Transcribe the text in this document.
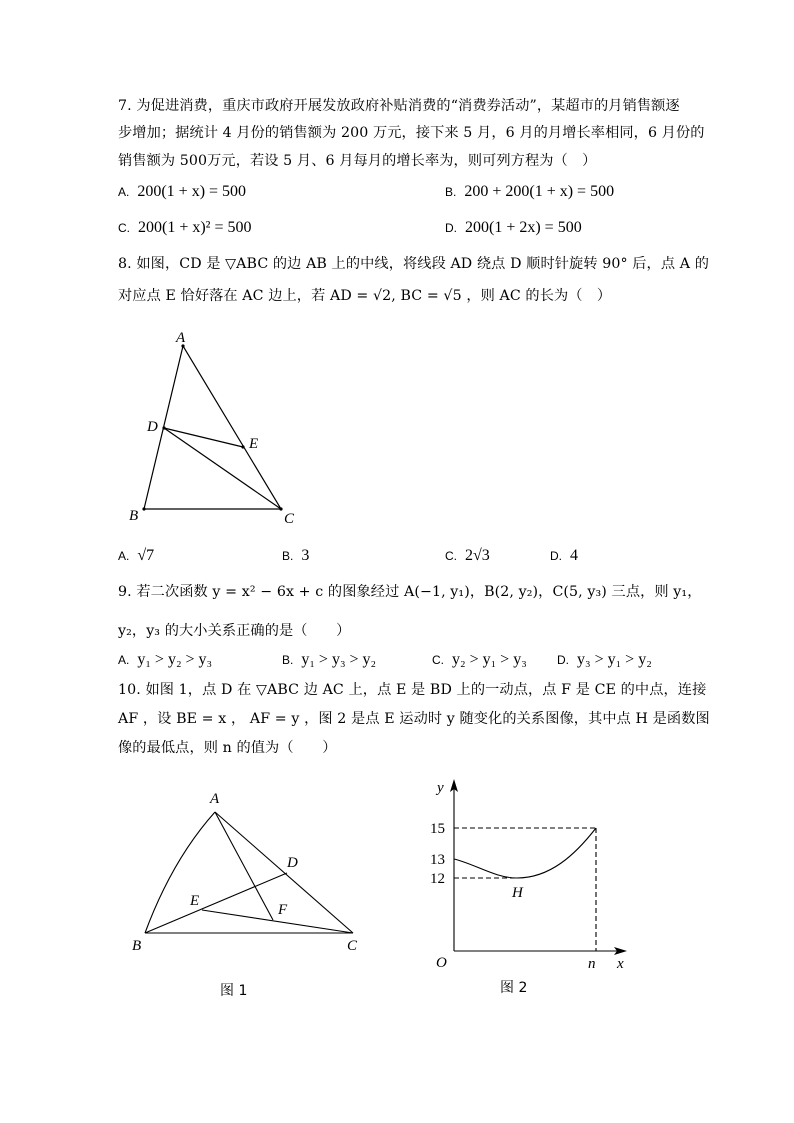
7. 为促进消费，重庆市政府开展发放政府补贴消费的“消费券活动”，某超市的月销售额逐
步增加；据统计 4 月份的销售额为 200 万元，接下来 5 月，6 月的月增长率相同，6 月份的
销售额为 500万元，若设 5 月、6 月每月的增长率为，则可列方程为（　）
A. 200(1 + x) = 500	B. 200 + 200(1 + x) = 500
C. 200(1 + x)² = 500	D. 200(1 + 2x) = 500
8. 如图，CD 是 ▽ABC 的边 AB 上的中线，将线段 AD 绕点 D 顺时针旋转 90° 后，点 A 的
对应点 E 恰好落在 AC 边上，若 AD = √2, BC = √5 ，则 AC 的长为（　）
A
D
E
B	C
A. √7	B. 3	C. 2√3	D. 4
9. 若二次函数 y = x² − 6x + c 的图象经过 A(−1, y₁)，B(2, y₂)，C(5, y₃) 三点，则 y₁，
y₂，y₃ 的大小关系正确的是（　　）
A. y₁ > y₂ > y₃	B. y₁ > y₃ > y₂	C. y₂ > y₁ > y₃	D. y₃ > y₁ > y₂
10. 如图 1，点 D 在 ▽ABC 边 AC 上，点 E 是 BD 上的一动点，点 F 是 CE 的中点，连接
AF ，设 BE = x ， AF = y ，图 2 是点 E 运动时 y 随变化的关系图像，其中点 H 是函数图
像的最低点，则 n 的值为（　　）
A
D
E
F
B	C
图 1
y
x
O
15
13
12
n
H
图 2
